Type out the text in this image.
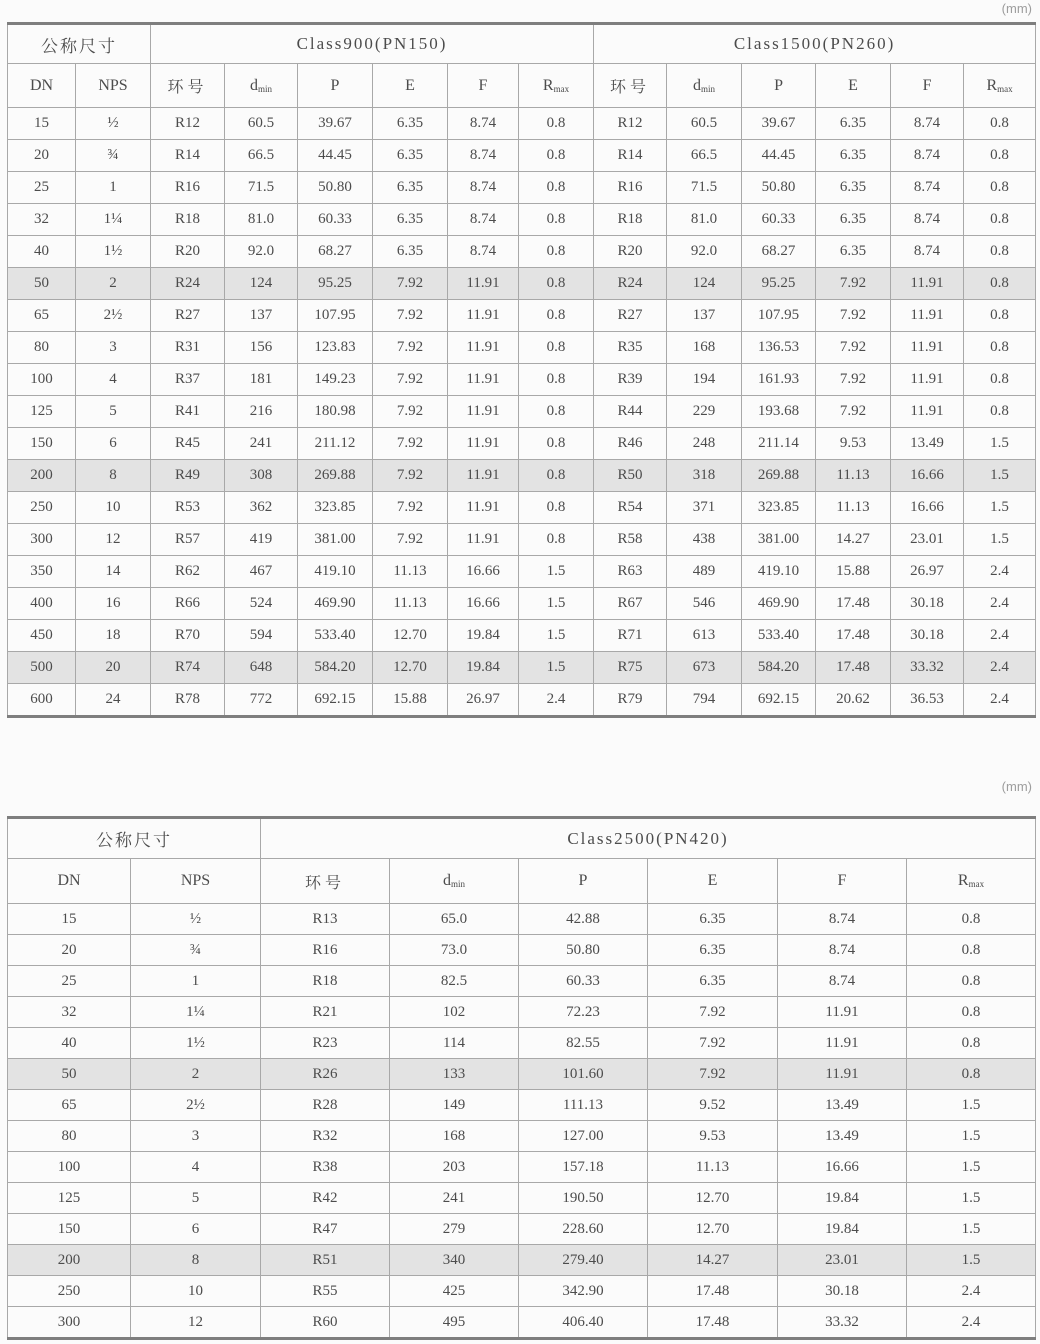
(mm)
公称尺寸		Class900(PN150)						Class1500(PN260)					
DN	NPS	环号	$d_{min}$	P	E	F	$R_{max}$	环号	$d_{min}$	P	E	F	$R_{max}$
15	½	R12	60.5	39.67	6.35	8.74	0.8	R12	60.5	39.67	6.35	8.74	0.8
20	¾	R14	66.5	44.45	6.35	8.74	0.8	R14	66.5	44.45	6.35	8.74	0.8
25	1	R16	71.5	50.80	6.35	8.74	0.8	R16	71.5	50.80	6.35	8.74	0.8
32	1¼	R18	81.0	60.33	6.35	8.74	0.8	R18	81.0	60.33	6.35	8.74	0.8
40	1½	R20	92.0	68.27	6.35	8.74	0.8	R20	92.0	68.27	6.35	8.74	0.8
50	2	R24	124	95.25	7.92	11.91	0.8	R24	124	95.25	7.92	11.91	0.8
65	2½	R27	137	107.95	7.92	11.91	0.8	R27	137	107.95	7.92	11.91	0.8
80	3	R31	156	123.83	7.92	11.91	0.8	R35	168	136.53	7.92	11.91	0.8
100	4	R37	181	149.23	7.92	11.91	0.8	R39	194	161.93	7.92	11.91	0.8
125	5	R41	216	180.98	7.92	11.91	0.8	R44	229	193.68	7.92	11.91	0.8
150	6	R45	241	211.12	7.92	11.91	0.8	R46	248	211.14	9.53	13.49	1.5
200	8	R49	308	269.88	7.92	11.91	0.8	R50	318	269.88	11.13	16.66	1.5
250	10	R53	362	323.85	7.92	11.91	0.8	R54	371	323.85	11.13	16.66	1.5
300	12	R57	419	381.00	7.92	11.91	0.8	R58	438	381.00	14.27	23.01	1.5
350	14	R62	467	419.10	11.13	16.66	1.5	R63	489	419.10	15.88	26.97	2.4
400	16	R66	524	469.90	11.13	16.66	1.5	R67	546	469.90	17.48	30.18	2.4
450	18	R70	594	533.40	12.70	19.84	1.5	R71	613	533.40	17.48	30.18	2.4
500	20	R74	648	584.20	12.70	19.84	1.5	R75	673	584.20	17.48	33.32	2.4
600	24	R78	772	692.15	15.88	26.97	2.4	R79	794	692.15	20.62	36.53	2.4
(mm)
公称尺寸		Class2500(PN420)					
DN	NPS	环号	$d_{min}$	P	E	F	$R_{max}$
15	½	R13	65.0	42.88	6.35	8.74	0.8
20	¾	R16	73.0	50.80	6.35	8.74	0.8
25	1	R18	82.5	60.33	6.35	8.74	0.8
32	1¼	R21	102	72.23	7.92	11.91	0.8
40	1½	R23	114	82.55	7.92	11.91	0.8
50	2	R26	133	101.60	7.92	11.91	0.8
65	2½	R28	149	111.13	9.52	13.49	1.5
80	3	R32	168	127.00	9.53	13.49	1.5
100	4	R38	203	157.18	11.13	16.66	1.5
125	5	R42	241	190.50	12.70	19.84	1.5
150	6	R47	279	228.60	12.70	19.84	1.5
200	8	R51	340	279.40	14.27	23.01	1.5
250	10	R55	425	342.90	17.48	30.18	2.4
300	12	R60	495	406.40	17.48	33.32	2.4
